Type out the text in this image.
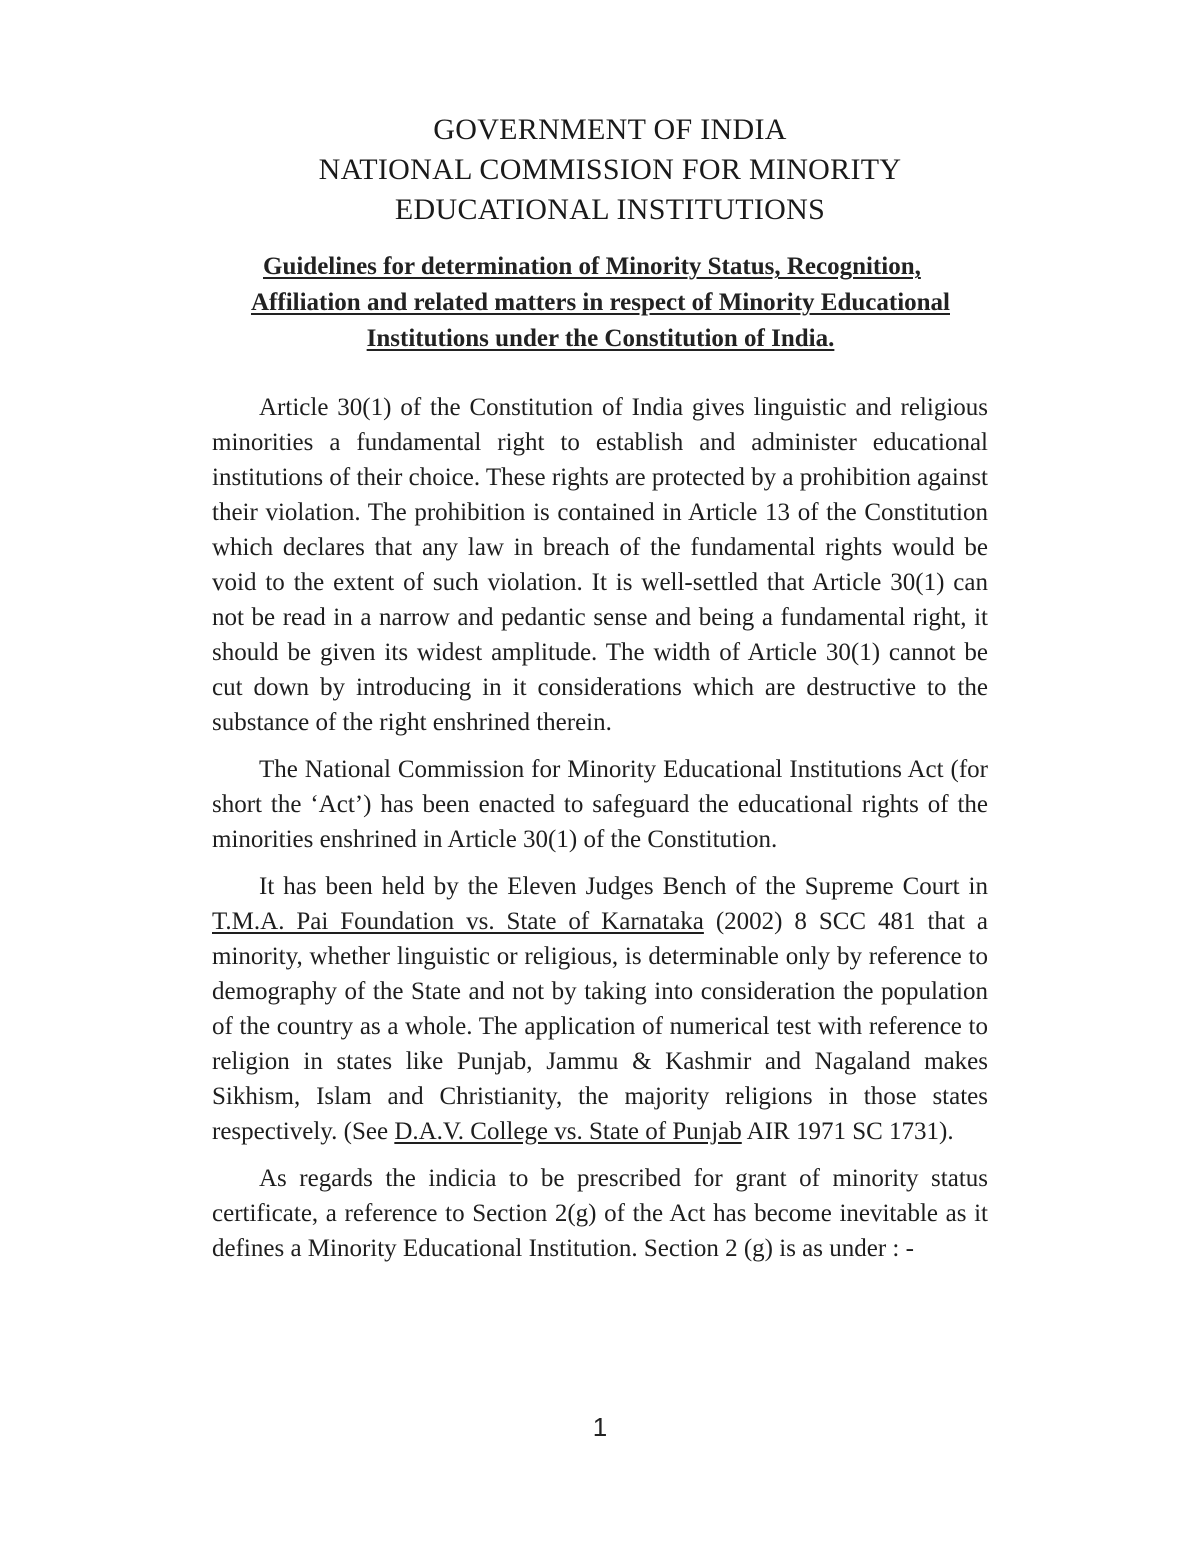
GOVERNMENT OF INDIA
NATIONAL COMMISSION FOR MINORITY
EDUCATIONAL INSTITUTIONS
Guidelines for determination of Minority Status, Recognition,
Affiliation and related matters in respect of Minority Educational
Institutions under the Constitution of India.

Article 30(1) of the Constitution of India gives linguistic and religious minorities a fundamental right to establish and administer educational institutions of their choice. These rights are protected by a prohibition against their violation. The prohibition is contained in Article 13 of the Constitution which declares that any law in breach of the fundamental rights would be void to the extent of such violation. It is well-settled that Article 30(1) can not be read in a narrow and pedantic sense and being a fundamental right, it should be given its widest amplitude. The width of Article 30(1) cannot be cut down by introducing in it considerations which are destructive to the substance of the right enshrined therein.

The National Commission for Minority Educational Institutions Act (for short the ‘Act’) has been enacted to safeguard the educational rights of the minorities enshrined in Article 30(1) of the Constitution.

It has been held by the Eleven Judges Bench of the Supreme Court in T.M.A. Pai Foundation vs. State of Karnataka (2002) 8 SCC 481 that a minority, whether linguistic or religious, is determinable only by reference to demography of the State and not by taking into consideration the population of the country as a whole. The application of numerical test with reference to religion in states like Punjab, Jammu & Kashmir and Nagaland makes Sikhism, Islam and Christianity, the majority religions in those states respectively. (See D.A.V. College vs. State of Punjab AIR 1971 SC 1731).

As regards the indicia to be prescribed for grant of minority status certificate, a reference to Section 2(g) of the Act has become inevitable as it defines a Minority Educational Institution. Section 2 (g) is as under : -

1
